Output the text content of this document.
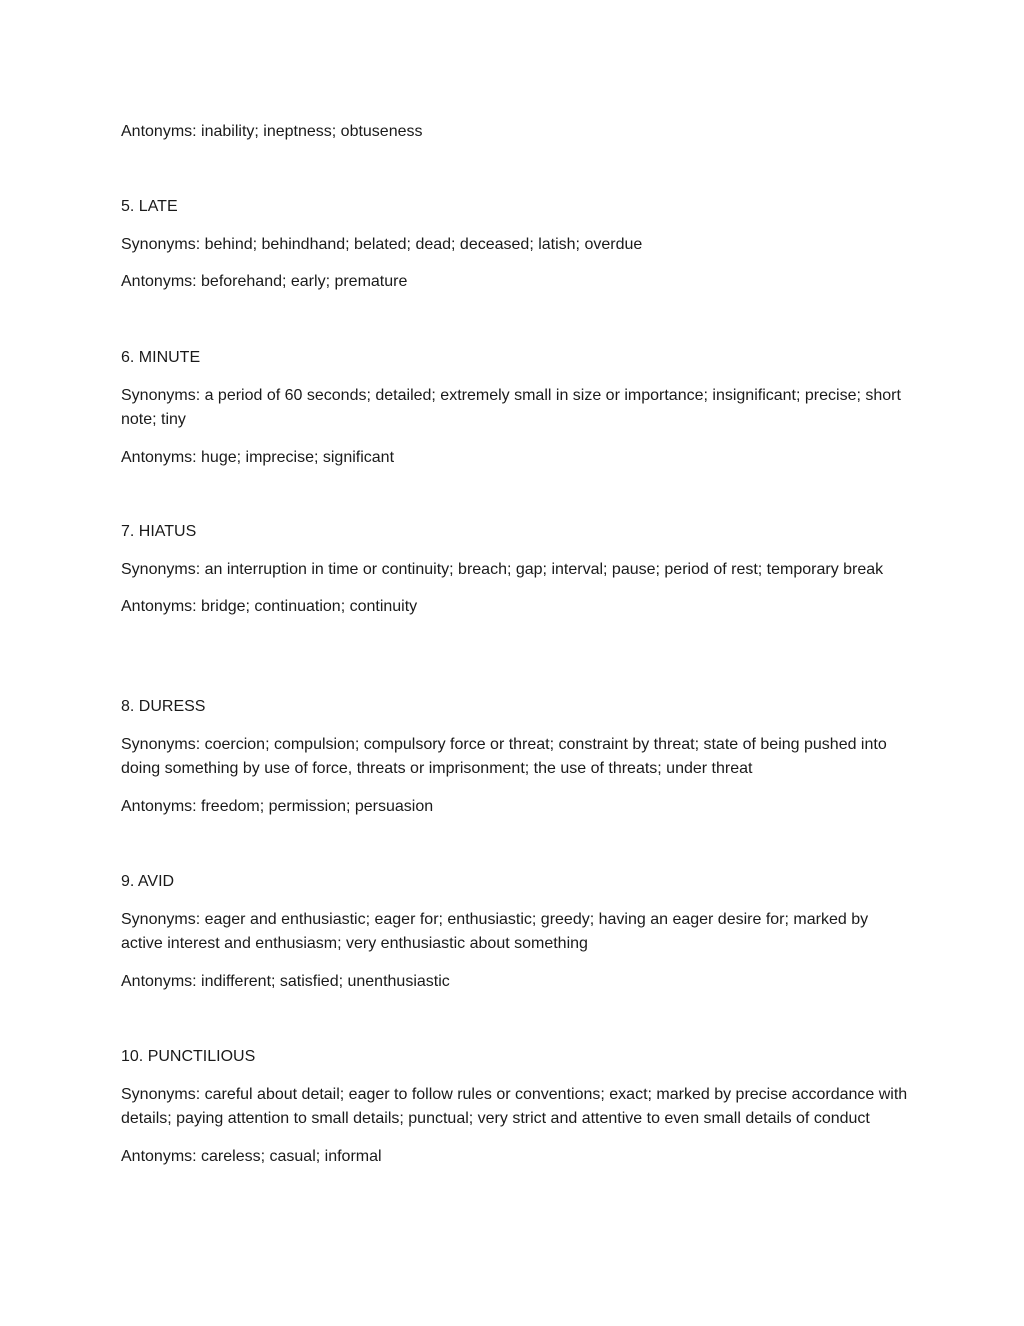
Antonyms: inability; ineptness; obtuseness

5. LATE

Synonyms: behind; behindhand; belated; dead; deceased; latish; overdue

Antonyms: beforehand; early; premature

6. MINUTE

Synonyms: a period of 60 seconds; detailed; extremely small in size or importance; insignificant; precise; short note; tiny

Antonyms: huge; imprecise; significant

7. HIATUS

Synonyms: an interruption in time or continuity; breach; gap; interval; pause; period of rest; temporary break

Antonyms: bridge; continuation; continuity

8. DURESS

Synonyms: coercion; compulsion; compulsory force or threat; constraint by threat; state of being pushed into doing something by use of force, threats or imprisonment; the use of threats; under threat

Antonyms: freedom; permission; persuasion

9. AVID

Synonyms: eager and enthusiastic; eager for; enthusiastic; greedy; having an eager desire for; marked by active interest and enthusiasm; very enthusiastic about something

Antonyms: indifferent; satisfied; unenthusiastic

10. PUNCTILIOUS

Synonyms: careful about detail; eager to follow rules or conventions; exact; marked by precise accordance with details; paying attention to small details; punctual; very strict and attentive to even small details of conduct

Antonyms: careless; casual; informal
